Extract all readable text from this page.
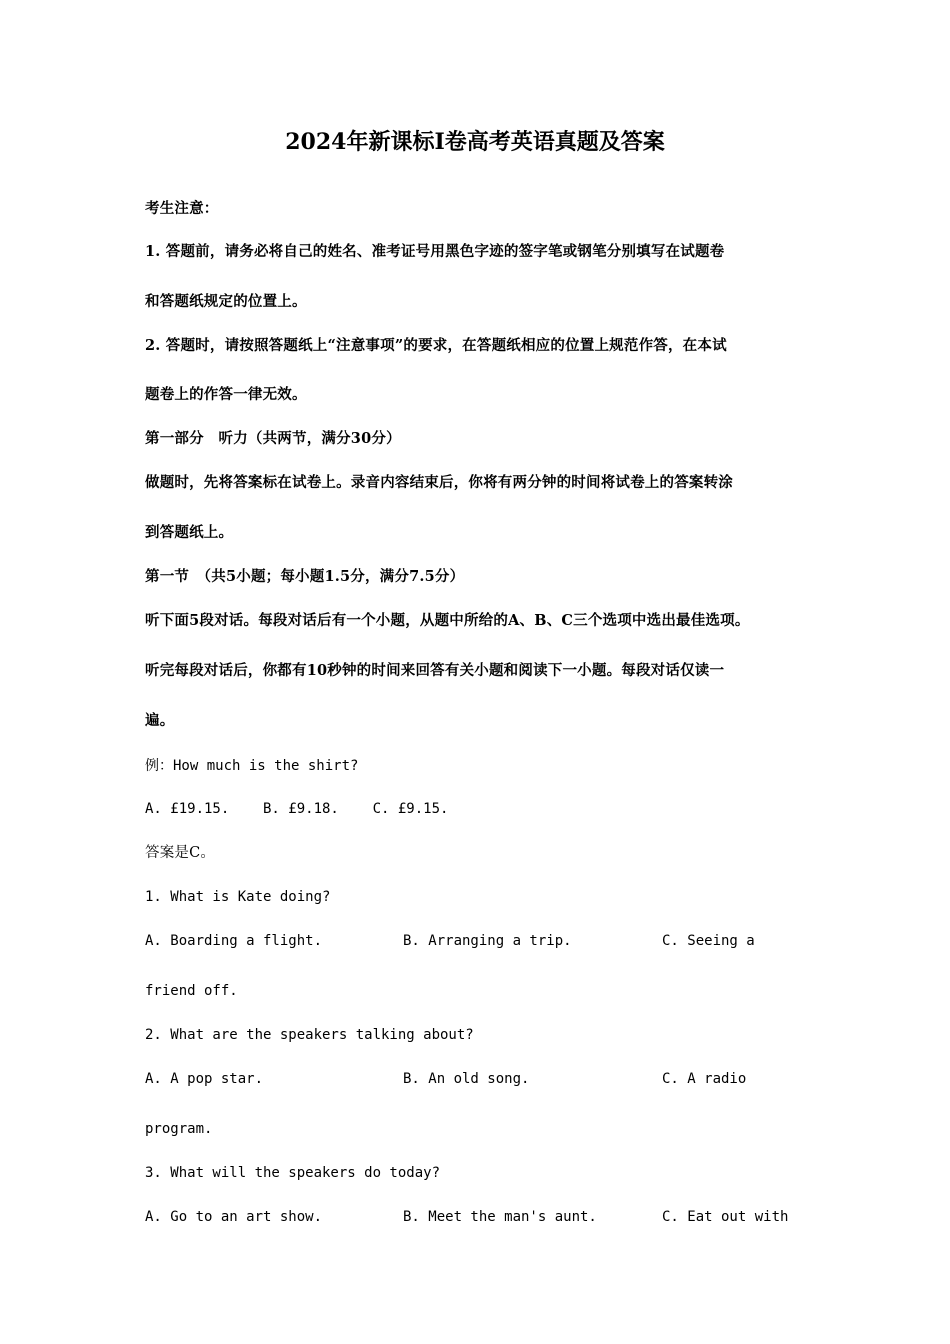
2024年新课标Ⅰ卷高考英语真题及答案
考生注意：
1. 答题前，请务必将自己的姓名、准考证号用黑色字迹的签字笔或钢笔分别填写在试题卷
和答题纸规定的位置上。
2. 答题时，请按照答题纸上“注意事项”的要求，在答题纸相应的位置上规范作答，在本试
题卷上的作答一律无效。
第一部分　听力（共两节，满分30分）
做题时，先将答案标在试卷上。录音内容结束后，你将有两分钟的时间将试卷上的答案转涂
到答题纸上。
第一节　（共5小题；每小题1.5分，满分7.5分）
听下面5段对话。每段对话后有一个小题，从题中所给的A、B、C三个选项中选出最佳选项。
听完每段对话后，你都有10秒钟的时间来回答有关小题和阅读下一小题。每段对话仅读一
遍。
例：How much is the shirt?
A. £19.15.    B. £9.18.    C. £9.15.
答案是C。
1. What is Kate doing?
A. Boarding a flight.	B. Arranging a trip.	C. Seeing a
friend off.
2. What are the speakers talking about?
A. A pop star.	B. An old song.	C. A radio
program.
3. What will the speakers do today?
A. Go to an art show.	B. Meet the man's aunt.	C. Eat out with
